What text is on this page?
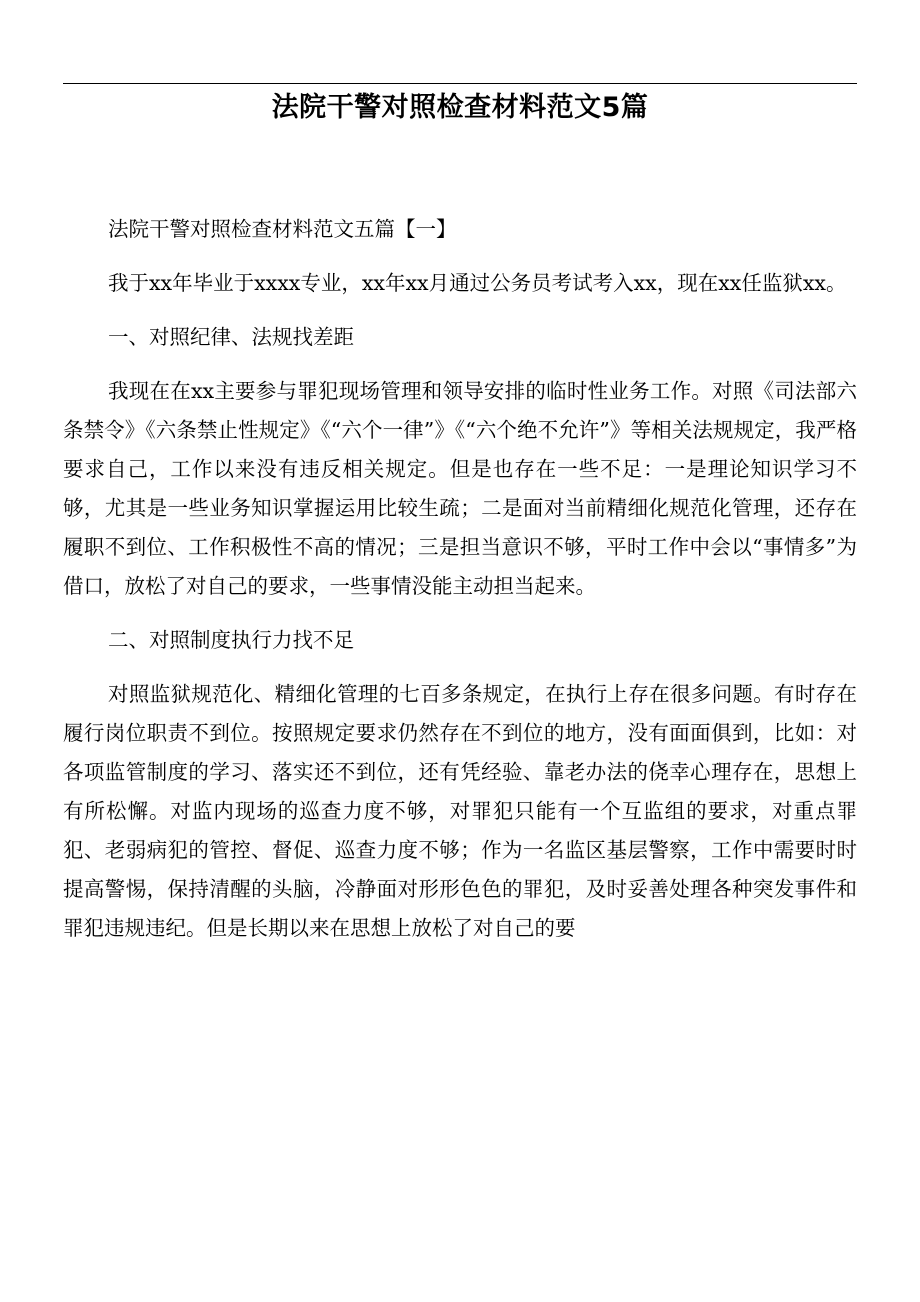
法院干警对照检查材料范文5篇

法院干警对照检查材料范文五篇【一】

我于xx年毕业于xxxx专业，xx年xx月通过公务员考试考入xx，现在xx任监狱xx。

一、对照纪律、法规找差距

我现在在xx主要参与罪犯现场管理和领导安排的临时性业务工作。对照《司法部六条禁令》《六条禁止性规定》《“六个一律”》《“六个绝不允许”》等相关法规规定，我严格要求自己，工作以来没有违反相关规定。但是也存在一些不足：一是理论知识学习不够，尤其是一些业务知识掌握运用比较生疏；二是面对当前精细化规范化管理，还存在履职不到位、工作积极性不高的情况；三是担当意识不够，平时工作中会以“事情多”为借口，放松了对自己的要求，一些事情没能主动担当起来。

二、对照制度执行力找不足

对照监狱规范化、精细化管理的七百多条规定，在执行上存在很多问题。有时存在履行岗位职责不到位。按照规定要求仍然存在不到位的地方，没有面面俱到，比如：对各项监管制度的学习、落实还不到位，还有凭经验、靠老办法的侥幸心理存在，思想上有所松懈。对监内现场的巡查力度不够，对罪犯只能有一个互监组的要求，对重点罪犯、老弱病犯的管控、督促、巡查力度不够；作为一名监区基层警察，工作中需要时时提高警惕，保持清醒的头脑，冷静面对形形色色的罪犯，及时妥善处理各种突发事件和罪犯违规违纪。但是长期以来在思想上放松了对自己的要
